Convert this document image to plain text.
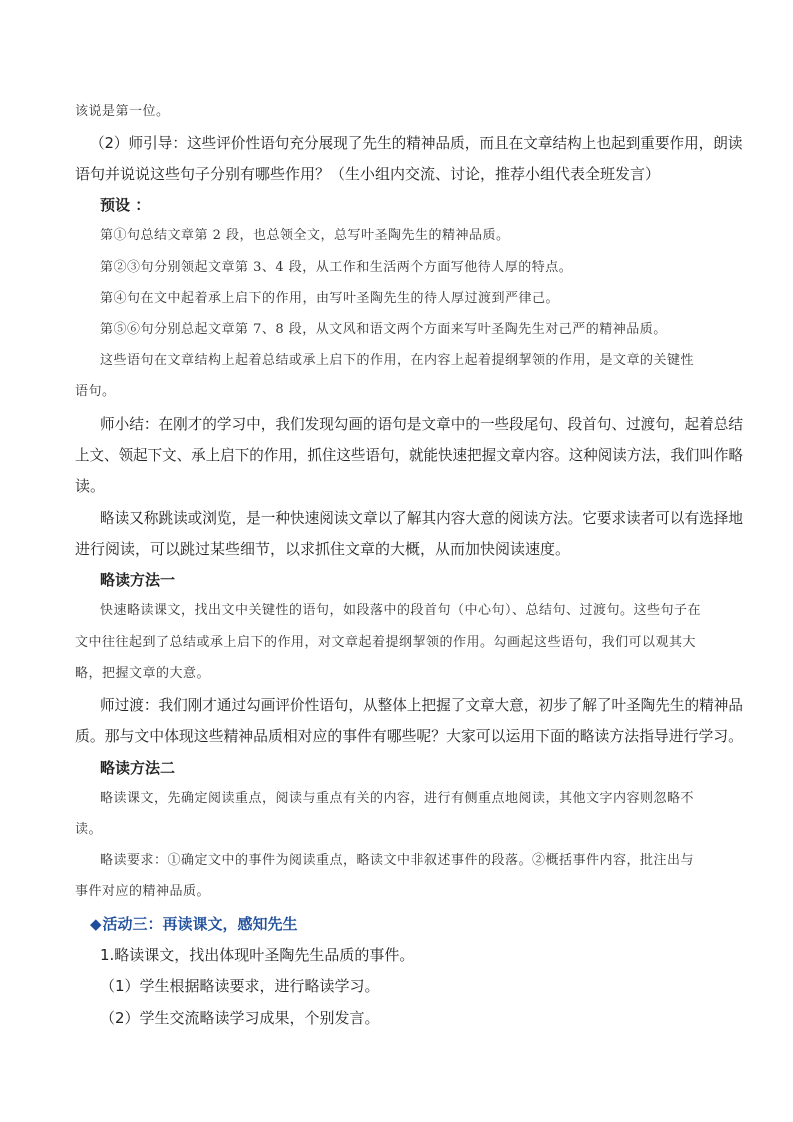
该说是第一位。
（2）师引导：这些评价性语句充分展现了先生的精神品质，而且在文章结构上也起到重要作用，朗读
语句并说说这些句子分别有哪些作用？（生小组内交流、讨论，推荐小组代表全班发言）
预设 ：
第①句总结文章第 2 段，也总领全文，总写叶圣陶先生的精神品质。
第②③句分别领起文章第 3、4 段，从工作和生活两个方面写他待人厚的特点。
第④句在文中起着承上启下的作用，由写叶圣陶先生的待人厚过渡到严律己。
第⑤⑥句分别总起文章第 7、8 段，从文风和语文两个方面来写叶圣陶先生对己严的精神品质。
这些语句在文章结构上起着总结或承上启下的作用，在内容上起着提纲挈领的作用，是文章的关键性
语句。
师小结：在刚才的学习中，我们发现勾画的语句是文章中的一些段尾句、段首句、过渡句，起着总结
上文、领起下文、承上启下的作用，抓住这些语句，就能快速把握文章内容。这种阅读方法，我们叫作略
读。
略读又称跳读或浏览，是一种快速阅读文章以了解其内容大意的阅读方法。它要求读者可以有选择地
进行阅读，可以跳过某些细节，以求抓住文章的大概，从而加快阅读速度。
略读方法一
快速略读课文，找出文中关键性的语句，如段落中的段首句（中心句）、总结句、过渡句。这些句子在
文中往往起到了总结或承上启下的作用，对文章起着提纲挈领的作用。勾画起这些语句，我们可以观其大
略，把握文章的大意。
师过渡：我们刚才通过勾画评价性语句，从整体上把握了文章大意，初步了解了叶圣陶先生的精神品
质。那与文中体现这些精神品质相对应的事件有哪些呢？大家可以运用下面的略读方法指导进行学习。
略读方法二
略读课文，先确定阅读重点，阅读与重点有关的内容，进行有侧重点地阅读，其他文字内容则忽略不
读。
略读要求：①确定文中的事件为阅读重点，略读文中非叙述事件的段落。②概括事件内容，批注出与
事件对应的精神品质。
◆活动三：再读课文，感知先生
1.略读课文，找出体现叶圣陶先生品质的事件。
（1）学生根据略读要求，进行略读学习。
（2）学生交流略读学习成果，个别发言。
